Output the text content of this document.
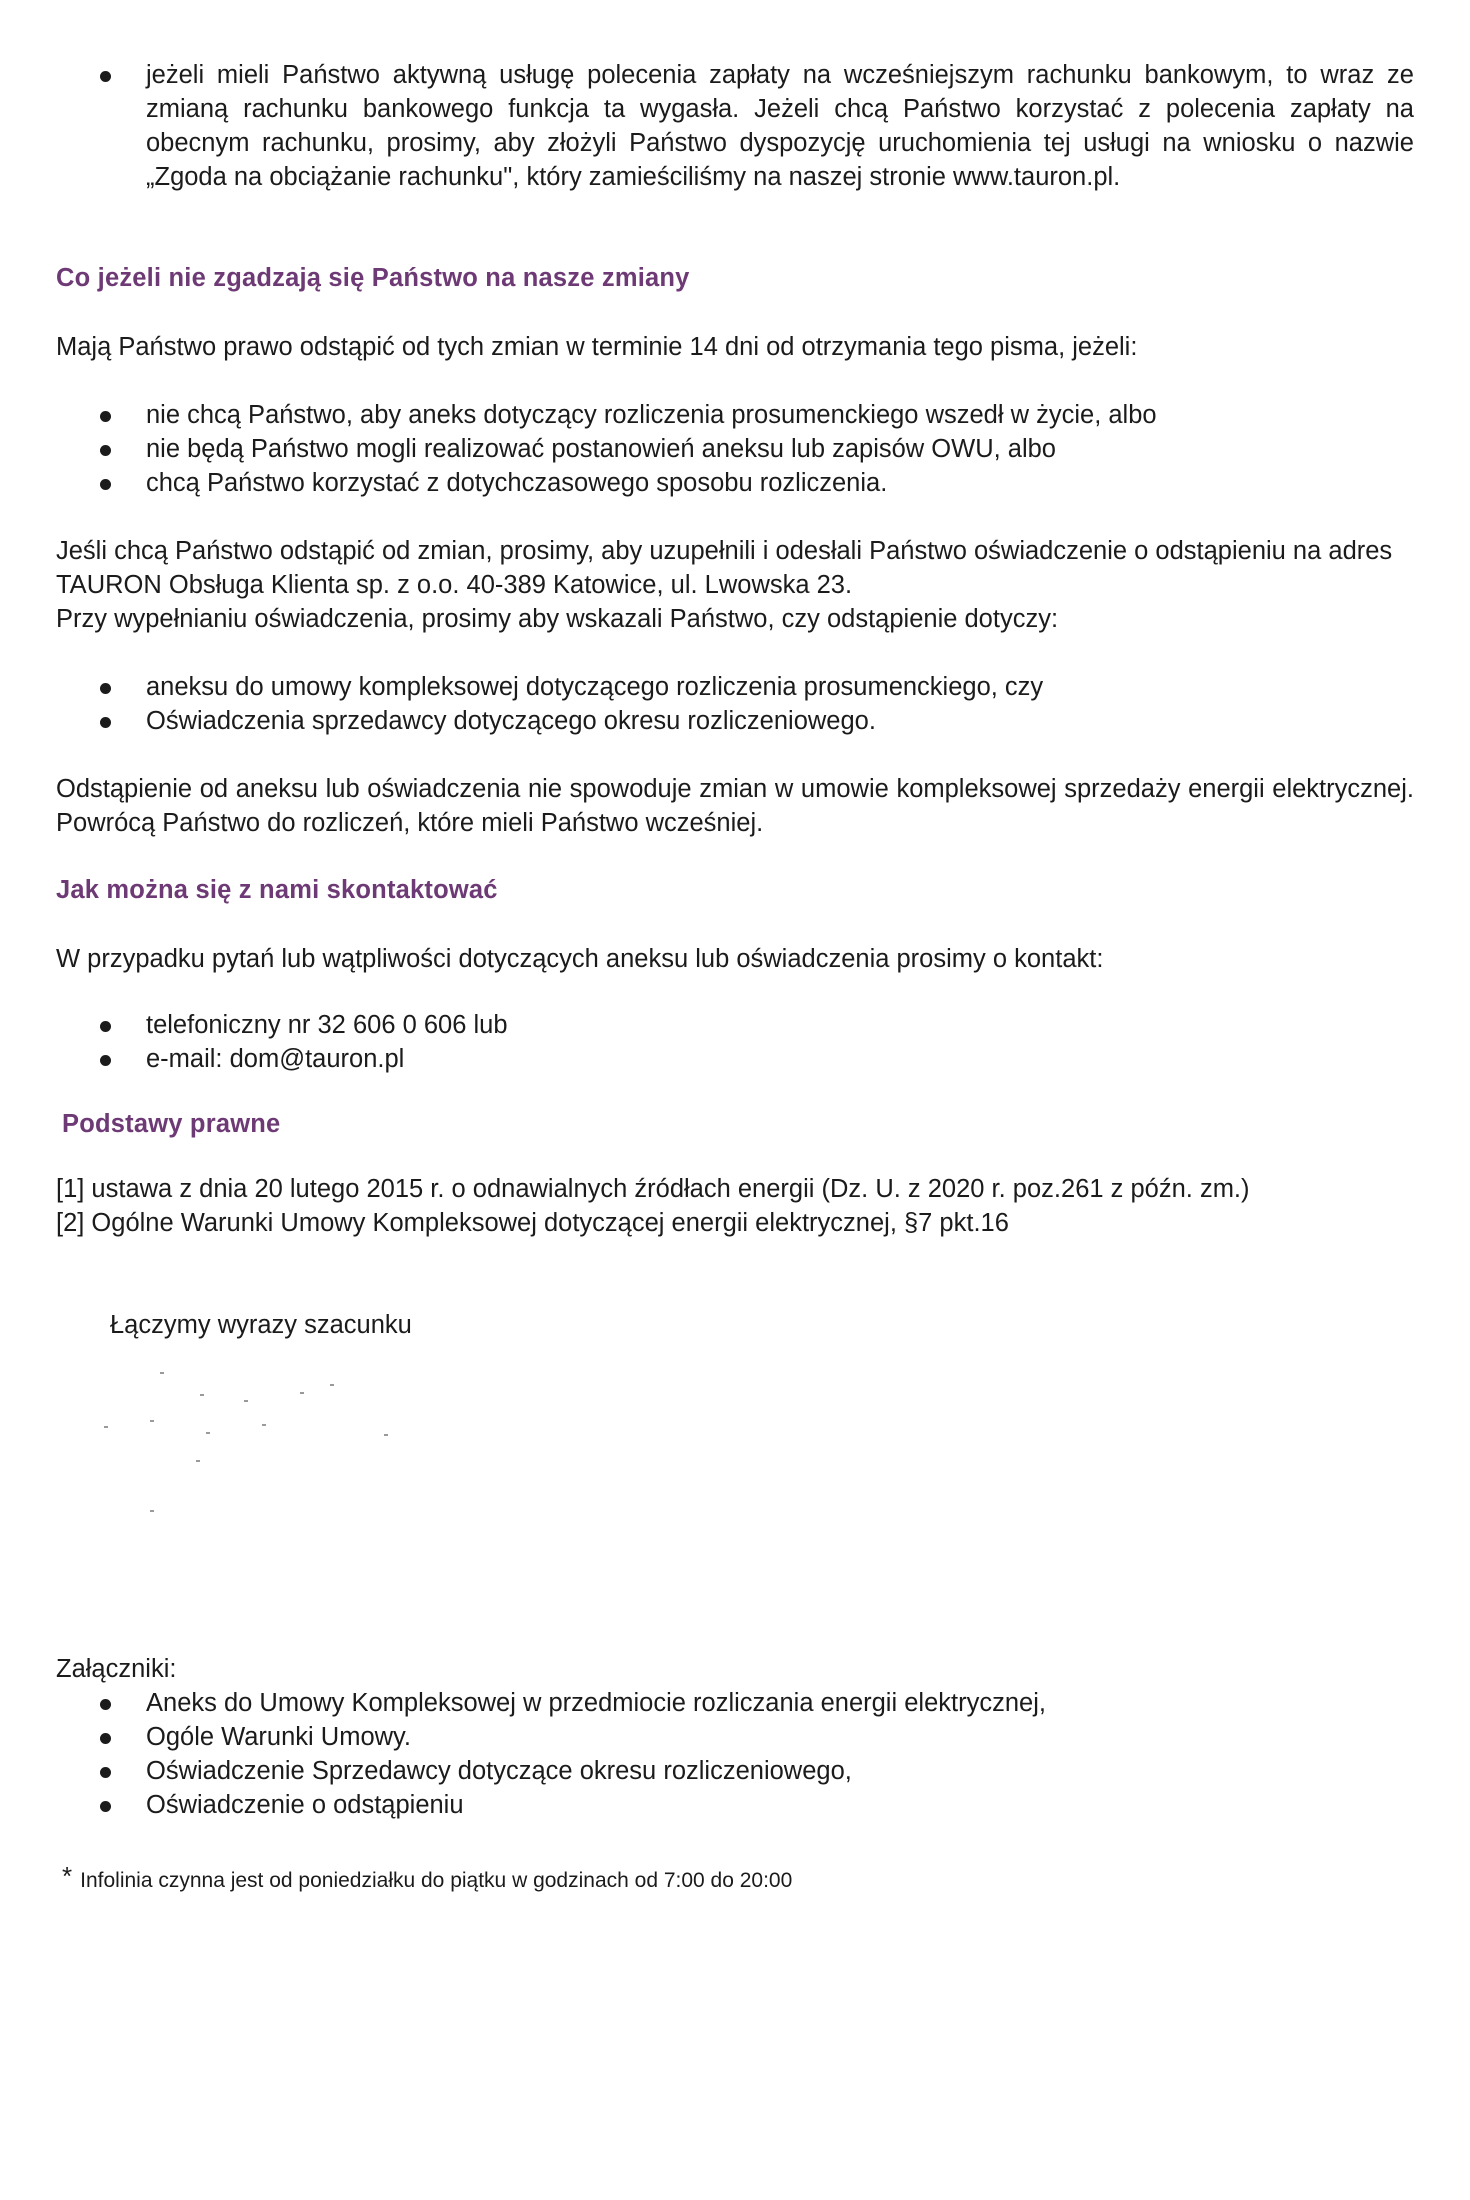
jeżeli mieli Państwo aktywną usługę polecenia zapłaty na wcześniejszym rachunku bankowym, to wraz ze zmianą rachunku bankowego funkcja ta wygasła. Jeżeli chcą Państwo korzystać z polecenia zapłaty na obecnym rachunku, prosimy, aby złożyli Państwo dyspozycję uruchomienia tej usługi na wniosku o nazwie „Zgoda na obciążanie rachunku", który zamieściliśmy na naszej stronie www.tauron.pl.
Co jeżeli nie zgadzają się Państwo na nasze zmiany
Mają Państwo prawo odstąpić od tych zmian w terminie 14 dni od otrzymania tego pisma, jeżeli:
nie chcą Państwo, aby aneks dotyczący rozliczenia prosumenckiego wszedł w życie, albo
nie będą Państwo mogli realizować postanowień aneksu lub zapisów OWU, albo
chcą Państwo korzystać z dotychczasowego sposobu rozliczenia.

Jeśli chcą Państwo odstąpić od zmian, prosimy, aby uzupełnili i odesłali Państwo oświadczenie o odstąpieniu na adres TAURON Obsługa Klienta sp. z o.o. 40-389 Katowice, ul. Lwowska 23.

Przy wypełnianiu oświadczenia, prosimy aby wskazali Państwo, czy odstąpienie dotyczy:

aneksu do umowy kompleksowej dotyczącego rozliczenia prosumenckiego, czy
Oświadczenia sprzedawcy dotyczącego okresu rozliczeniowego.
Odstąpienie od aneksu lub oświadczenia nie spowoduje zmian w umowie kompleksowej sprzedaży energii elektrycznej. Powrócą Państwo do rozliczeń, które mieli Państwo wcześniej.
Jak można się z nami skontaktować
W przypadku pytań lub wątpliwości dotyczących aneksu lub oświadczenia prosimy o kontakt:
telefoniczny nr 32 606 0 606 lub
e-mail: dom@tauron.pl
Podstawy prawne

[1] ustawa z dnia 20 lutego 2015 r. o odnawialnych źródłach energii (Dz. U. z 2020 r. poz.261 z późn. zm.)

[2] Ogólne Warunki Umowy Kompleksowej dotyczącej energii elektrycznej, §7 pkt.16

Łączymy wyrazy szacunku
Załączniki:
Aneks do Umowy Kompleksowej w przedmiocie rozliczania energii elektrycznej,
Ogóle Warunki Umowy.
Oświadczenie Sprzedawcy dotyczące okresu rozliczeniowego,
Oświadczenie o odstąpieniu
* Infolinia czynna jest od poniedziałku do piątku w godzinach od 7:00 do 20:00
